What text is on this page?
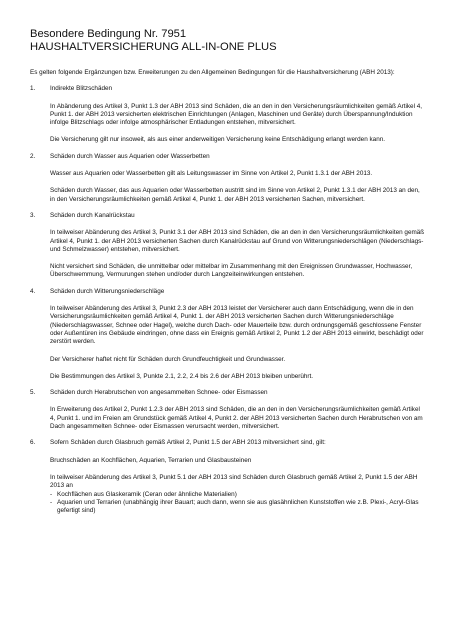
Besondere Bedingung Nr. 7951
HAUSHALTVERSICHERUNG ALL-IN-ONE PLUS
Es gelten folgende Ergänzungen bzw. Erweiterungen zu den Allgemeinen Bedingungen für die Haushaltversicherung (ABH 2013):
1. Indirekte Blitzschäden
In Abänderung des Artikel 3, Punkt 1.3 der ABH 2013 sind Schäden, die an den in den Versicherungsräumlichkeiten gemäß Artikel 4, Punkt 1. der ABH 2013 versicherten elektrischen Einrichtungen (Anlagen, Maschinen und Geräte) durch Überspannung/Induktion infolge Blitzschlags oder infolge atmosphärischer Entladungen entstehen, mitversichert.
Die Versicherung gilt nur insoweit, als aus einer anderweitigen Versicherung keine Entschädigung erlangt werden kann.
2. Schäden durch Wasser aus Aquarien oder Wasserbetten
Wasser aus Aquarien oder Wasserbetten gilt als Leitungswasser im Sinne von Artikel 2, Punkt 1.3.1 der ABH 2013.
Schäden durch Wasser, das aus Aquarien oder Wasserbetten austritt sind im Sinne von Artikel 2, Punkt 1.3.1 der ABH 2013 an den, in den Versicherungsräumlichkeiten gemäß Artikel 4, Punkt 1. der ABH 2013 versicherten Sachen, mitversichert.
3. Schäden durch Kanalrückstau
In teilweiser Abänderung des Artikel 3, Punkt 3.1 der ABH 2013 sind Schäden, die an den in den Versicherungsräumlichkeiten gemäß Artikel 4, Punkt 1. der ABH 2013 versicherten Sachen durch Kanalrückstau auf Grund von Witterungsniederschlägen (Niederschlags- und Schmelzwasser) entstehen, mitversichert.
Nicht versichert sind Schäden, die unmittelbar oder mittelbar im Zusammenhang mit den Ereignissen Grundwasser, Hochwasser, Überschwemmung, Vermurungen stehen und/oder durch Langzeiteinwirkungen entstehen.
4. Schäden durch Witterungsniederschläge
In teilweiser Abänderung des Artikel 3, Punkt 2.3 der ABH 2013 leistet der Versicherer auch dann Entschädigung, wenn die in den Versicherungsräumlichkeiten gemäß Artikel 4, Punkt 1. der ABH 2013 versicherten Sachen durch Witterungsniederschläge (Niederschlagswasser, Schnee oder Hagel), welche durch Dach- oder Mauerteile bzw. durch ordnungsgemäß geschlossene Fenster oder Außentüren ins Gebäude eindringen, ohne dass ein Ereignis gemäß Artikel 2, Punkt 1.2 der ABH 2013 einwirkt, beschädigt oder zerstört werden.
Der Versicherer haftet nicht für Schäden durch Grundfeuchtigkeit und Grundwasser.
Die Bestimmungen des Artikel 3, Punkte 2.1, 2.2, 2.4 bis 2.6 der ABH 2013 bleiben unberührt.
5. Schäden durch Herabrutschen von angesammelten Schnee- oder Eismassen
In Erweiterung des Artikel 2, Punkt 1.2.3 der ABH 2013 sind Schäden, die an den in den Versicherungsräumlichkeiten gemäß Artikel 4, Punkt 1. und im Freien am Grundstück gemäß Artikel 4, Punkt 2. der ABH 2013 versicherten Sachen durch Herabrutschen von am Dach angesammelten Schnee- oder Eismassen verursacht werden, mitversichert.
6. Sofern Schäden durch Glasbruch gemäß Artikel 2, Punkt 1.5 der ABH 2013 mitversichert sind, gilt:
Bruchschäden an Kochflächen, Aquarien, Terrarien und Glasbausteinen
In teilweiser Abänderung des Artikel 3, Punkt 5.1 der ABH 2013 sind Schäden durch Glasbruch gemäß Artikel 2, Punkt 1.5 der ABH 2013 an
- Kochflächen aus Glaskeramik (Ceran oder ähnliche Materialien)
- Aquarien und Terrarien (unabhängig ihrer Bauart; auch dann, wenn sie aus glasähnlichen Kunststoffen wie z.B. Plexi-, Acryl-Glas gefertigt sind)
